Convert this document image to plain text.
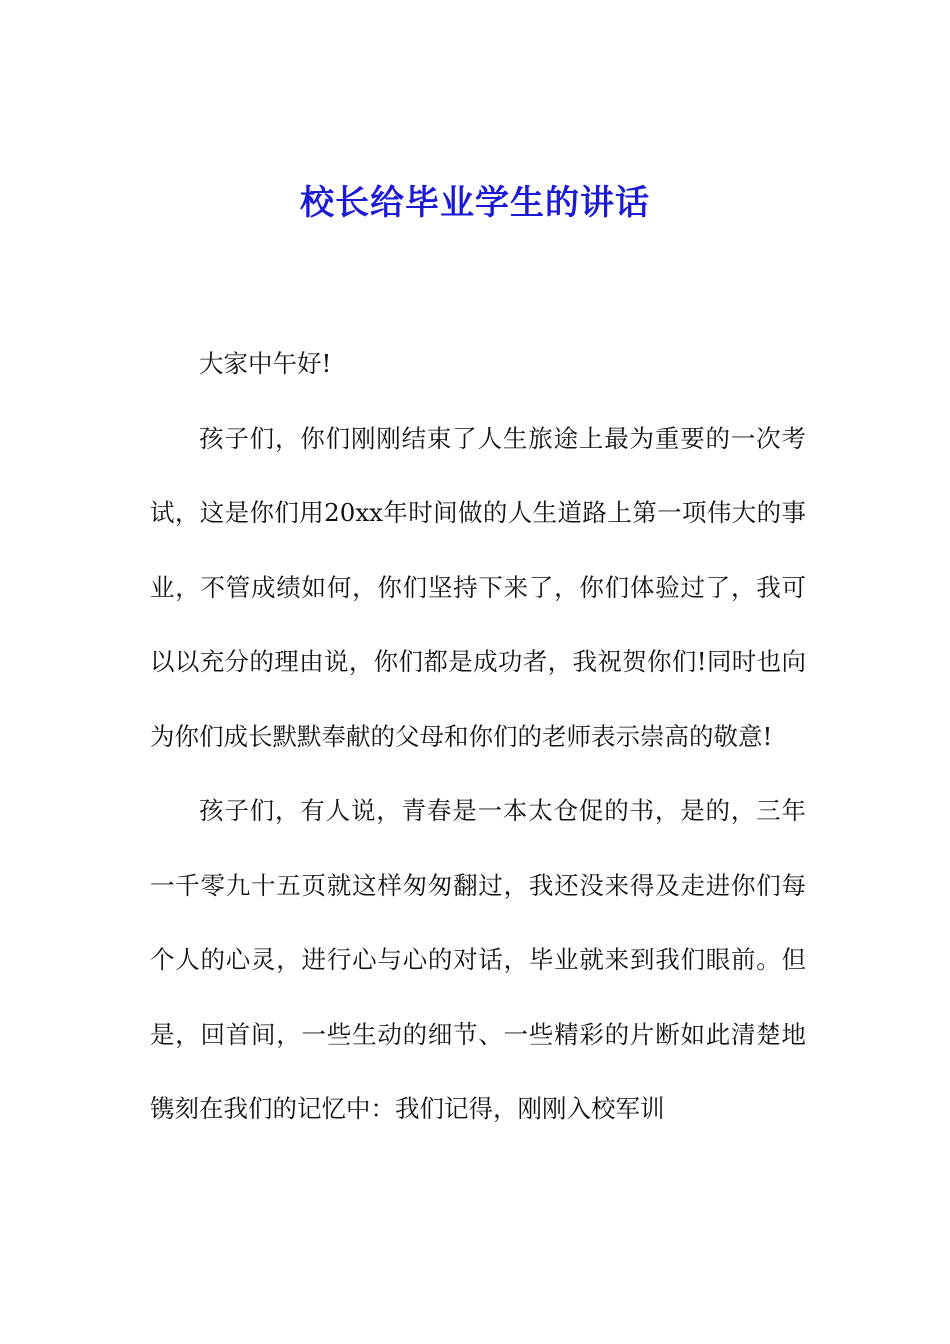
校长给毕业学生的讲话

大家中午好!

孩子们，你们刚刚结束了人生旅途上最为重要的一次考试，这是你们用20xx年时间做的人生道路上第一项伟大的事业，不管成绩如何，你们坚持下来了，你们体验过了，我可以以充分的理由说，你们都是成功者，我祝贺你们!同时也向为你们成长默默奉献的父母和你们的老师表示崇高的敬意!

孩子们，有人说，青春是一本太仓促的书，是的，三年一千零九十五页就这样匆匆翻过，我还没来得及走进你们每个人的心灵，进行心与心的对话，毕业就来到我们眼前。但是，回首间，一些生动的细节、一些精彩的片断如此清楚地镌刻在我们的记忆中：我们记得，刚刚入校军训
